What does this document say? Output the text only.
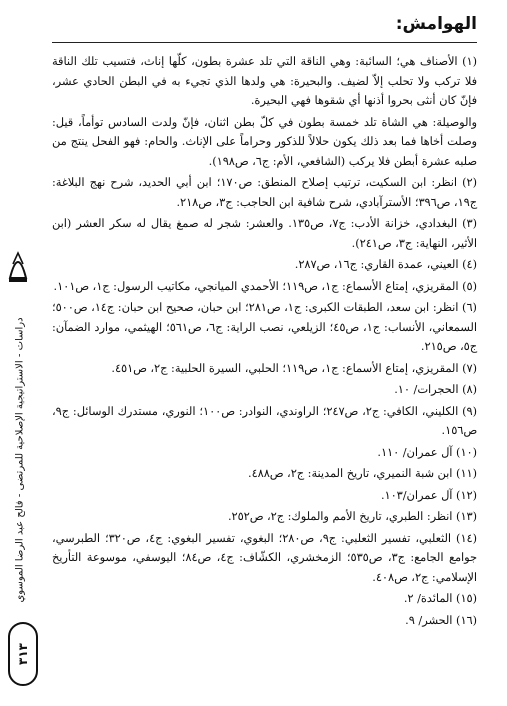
الهوامش:

(١) الأصناف هي؛ السائبة: وهي الناقة التي تلد عشرة بطون، كلّها إناث، فتسيب تلك الناقة فلا تركب ولا تحلب إلاّ لضيف. والبحيرة: هي ولدها الذي تجيء به في البطن الحادي عشر، فإنّ كان أنثى بحروا أذنها أي شقوها فهي البحيرة.

والوصيلة: هي الشاة تلد خمسة بطون في كلّ بطن اثنان، فإنّ ولدت السادس توأماً، قيل: وصلت أخاها فما بعد ذلك يكون حلالاً للذكور وحراماً على الإناث. والحام: فهو الفحل ينتج من صلبه عشرة أبطن فلا يركب (الشافعي، الأم: ج٦، ص١٩٨).

(٢) انظر: ابن السكيت، ترتيب إصلاح المنطق: ص١٧٠؛ ابن أبي الحديد، شرح نهج البلاغة: ج١٩، ص٣٩٦؛ الأسترآبادي، شرح شافية ابن الحاجب: ج٣، ص٢١٨.

(٣) البغدادي، خزانة الأدب: ج٧، ص١٣٥. والعشر: شجر له صمغ يقال له سكر العشر (ابن الأثير، النهاية: ج٣، ص٢٤١).

(٤) العيني، عمدة القاري: ج١٦، ص٢٨٧.

(٥) المقريزي، إمتاع الأسماع: ج١، ص١١٩؛ الأحمدي الميانجي، مكاتيب الرسول: ج١، ص١٠١.

(٦) انظر: ابن سعد، الطبقات الكبرى: ج١، ص٢٨١؛ ابن حبان، صحيح ابن حبان: ج١٤، ص٥٠٠؛ السمعاني، الأنساب: ج١، ص٤٥؛ الزيلعي، نصب الراية: ج٦، ص٥٦١؛ الهيثمي، موارد الضمآن: ج٥، ص٢١٥.

(٧) المقريزي، إمتاع الأسماع: ج١، ص١١٩؛ الحلبي، السيرة الحلبية: ج٢، ص٤٥١.

(٨) الحجرات/ ١٠.

(٩) الكليني، الكافي: ج٢، ص٢٤٧؛ الراوندي، النوادر: ص١٠٠؛ النوري، مستدرك الوسائل: ج٩، ص١٥٦.

(١٠) آل عمران/ ١١٠.

(١١) ابن شبة النميري، تاريخ المدينة: ج٢، ص٤٨٨.

(١٢) آل عمران/١٠٣.

(١٣) انظر: الطبري، تاريخ الأمم والملوك: ج٢، ص٢٥٢.

(١٤) الثعلبي، تفسير الثعلبي: ج٩، ص٢٨٠؛ البغوي، تفسير البغوي: ج٤، ص٣٢٠؛ الطبرسي، جوامع الجامع: ج٣، ص٥٣٥؛ الزمخشري، الكشّاف: ج٤، ص٨٤؛ اليوسفي، موسوعة التأريخ الإسلامي: ج٢، ص٤٠٨.

(١٥) المائدة/ ٢.

(١٦) الحشر/ ٩.

دراسات - الاستراتيجية الإصلاحية للمرتضى - فالح عبد الرضا الموسوي
٣١٣
